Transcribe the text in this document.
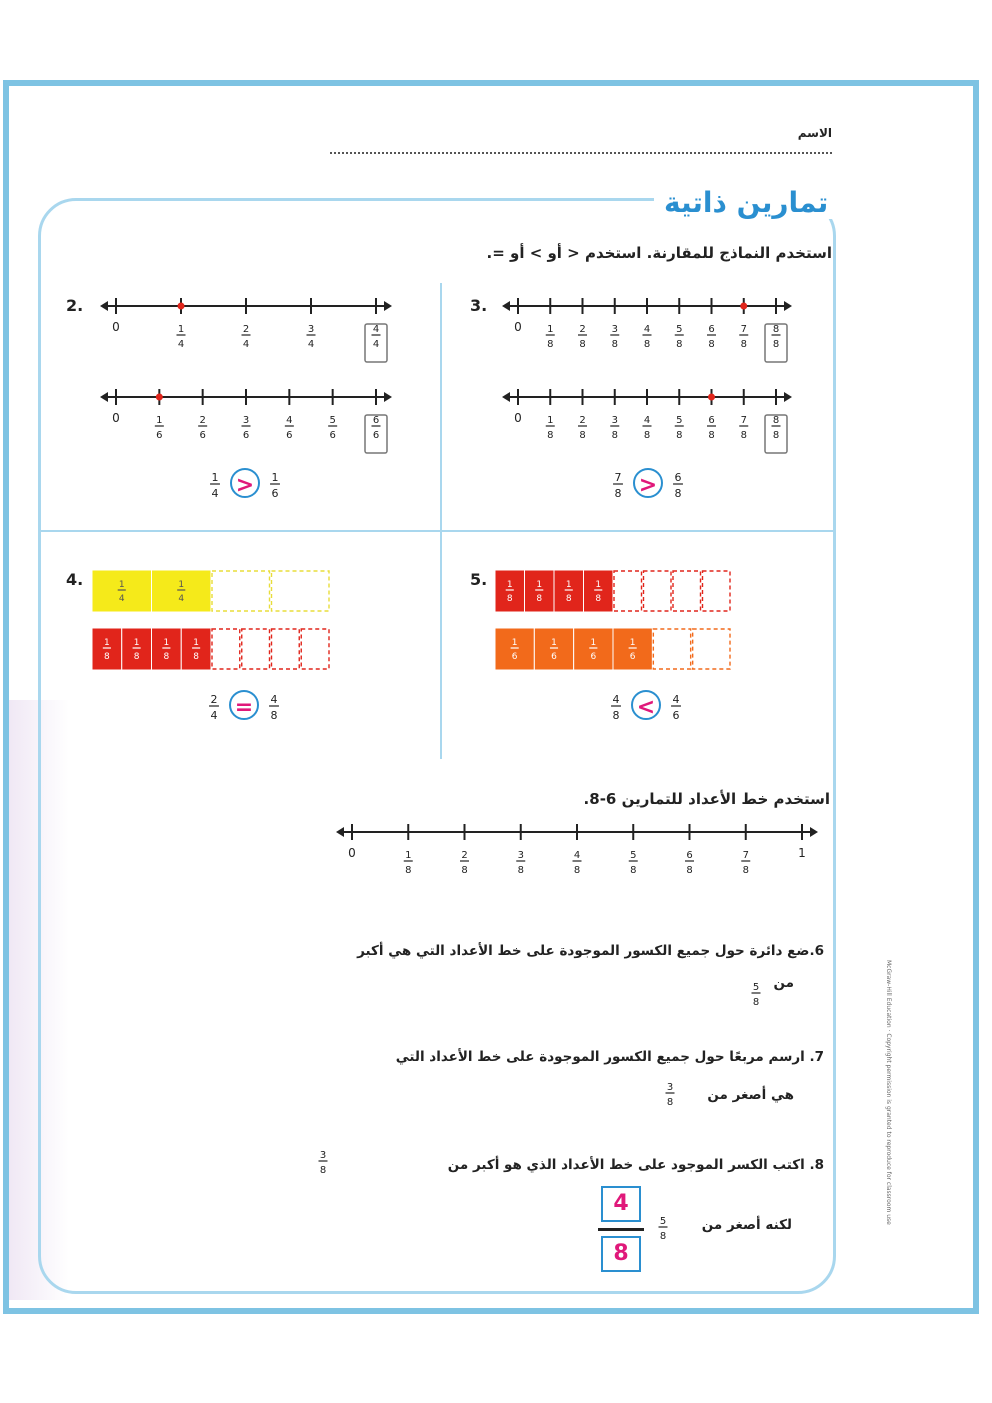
الاسم
تمارين ذاتية
استخدم النماذج للمقارنة. استخدم < أو > أو =.
2.	3.
4.	5.
0	1
4
2
4
3
4
4
4
0	1
6
2
6
3
6
4
6
5
6
6
6
0	1
8
2
8
3
8
4
8
5
8
6
8
7
8
8
8
0	1
8
2
8
3
8
4
8
5
8
6
8
7
8
8
8
1
4 > 1
6
7
8 > 6
8
1
4
1
4
1
8
1
8
1
8
1
8
1
8
1
8
1
8
1
8
1
6
1
6
1
6
1
6
2
4 = 4
8
4
8 < 4
6
0	1
8
2
8
3
8
4
8
5
8
6
8
7
8
1
5
8
3
8
3
8
5
8
استخدم خط الأعداد للتمارين 6-8.
6.ضع دائرة حول جميع الكسور الموجودة على خط الأعداد التي هي أكبر
من
7. ارسم مربعًا حول جميع الكسور الموجودة على خط الأعداد التي
هي أصغر من
8. اكتب الكسر الموجود على خط الأعداد الذي هو أكبر من
لكنه أصغر من
4
8
McGraw-Hill Education · Copyright permission is granted to reproduce for classroom use
